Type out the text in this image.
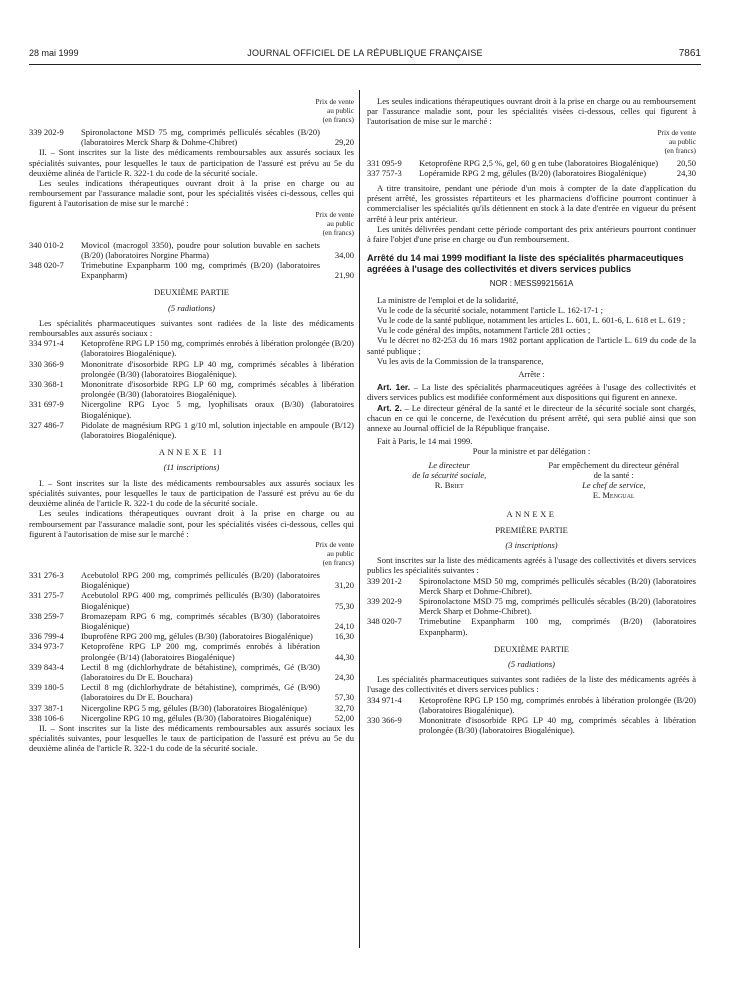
28 mai 1999	JOURNAL OFFICIEL DE LA RÉPUBLIQUE FRANÇAISE	7861
Prix de vente
au public
(en francs)
339 202-9	Spironolactone MSD 75 mg, comprimés pelliculés sécables (B/20) (laboratoires Merck Sharp & Dohme-Chibret)	29,20

II. – Sont inscrites sur la liste des médicaments remboursables aux assurés sociaux les spécialités suivantes, pour lesquelles le taux de participation de l'assuré est prévu au 5e du deuxième alinéa de l'article R. 322-1 du code de la sécurité sociale.

Les seules indications thérapeutiques ouvrant droit à la prise en charge ou au remboursement par l'assurance maladie sont, pour les spécialités visées ci-dessous, celles qui figurent à l'autorisation de mise sur le marché :

Prix de vente
au public
(en francs)
340 010-2	Movicol (macrogol 3350), poudre pour solution buvable en sachets (B/20) (laboratoires Norgine Pharma)	34,00
348 020-7	Trimebutine Expanpharm 100 mg, comprimés (B/20) (laboratoires Expanpharm)	21,90

DEUXIÈME PARTIE

(5 radiations)

Les spécialités pharmaceutiques suivantes sont radiées de la liste des médicaments remboursables aux assurés sociaux :

334 971-4	Ketoprofène RPG LP 150 mg, comprimés enrobés à libération prolongée (B/20) (laboratoires Biogalénique).
330 366-9	Mononitrate d'isosorbide RPG LP 40 mg, comprimés sécables à libération prolongée (B/30) (laboratoires Biogalénique).
330 368-1	Mononitrate d'isosorbide RPG LP 60 mg, comprimés sécables à libération prolongée (B/30) (laboratoires Biogalénique).
331 697-9	Nicergoline RPG Lyoc 5 mg, lyophilisats oraux (B/30) (laboratoires Biogalénique).
327 486-7	Pidolate de magnésium RPG 1 g/10 ml, solution injectable en ampoule (B/12) (laboratoires Biogalénique).

ANNEXE II

(11 inscriptions)

I. – Sont inscrites sur la liste des médicaments remboursables aux assurés sociaux les spécialités suivantes, pour lesquelles le taux de participation de l'assuré est prévu au 6e du deuxième alinéa de l'article R. 322-1 du code de la sécurité sociale.

Les seules indications thérapeutiques ouvrant droit à la prise en charge ou au remboursement par l'assurance maladie sont, pour les spécialités visées ci-dessous, celles qui figurent à l'autorisation de mise sur le marché :

Prix de vente
au public
(en francs)
331 276-3	Acebutolol RPG 200 mg, comprimés pelliculés (B/20) (laboratoires Biogalénique)	31,20
331 275-7	Acebutolol RPG 400 mg, comprimés pelliculés (B/30) (laboratoires Biogalénique)	75,30
338 259-7	Bromazepam RPG 6 mg, comprimés sécables (B/30) (laboratoires Biogalénique)	24,10
336 799-4	Ibuprofène RPG 200 mg, gélules (B/30) (laboratoires Biogalénique)	16,30
334 973-7	Ketoprofène RPG LP 200 mg, comprimés enrobés à libération prolongée (B/14) (laboratoires Biogalénique)	44,30
339 843-4	Lectil 8 mg (dichlorhydrate de bétahistine), comprimés, Gé (B/30) (laboratoires du Dr E. Bouchara)	24,30
339 180-5	Lectil 8 mg (dichlorhydrate de bétahistine), comprimés, Gé (B/90) (laboratoires du Dr E. Bouchara)	57,30
337 387-1	Nicergoline RPG 5 mg, gélules (B/30) (laboratoires Biogalénique)	32,70
338 106-6	Nicergoline RPG 10 mg, gélules (B/30) (laboratoires Biogalénique)	52,00

II. – Sont inscrites sur la liste des médicaments remboursables aux assurés sociaux les spécialités suivantes, pour lesquelles le taux de participation de l'assuré est prévu au 5e du deuxième alinéa de l'article R. 322-1 du code de la sécurité sociale.

Les seules indications thérapeutiques ouvrant droit à la prise en charge ou au remboursement par l'assurance maladie sont, pour les spécialités visées ci-dessous, celles qui figurent à l'autorisation de mise sur le marché :

Prix de vente
au public
(en francs)
331 095-9	Ketoprofène RPG 2,5 %, gel, 60 g en tube (laboratoires Biogalénique)	20,50
337 757-3	Lopéramide RPG 2 mg, gélules (B/20) (laboratoires Biogalénique)	24,30

A titre transitoire, pendant une période d'un mois à compter de la date d'application du présent arrêté, les grossistes répartiteurs et les pharmaciens d'officine pourront continuer à commercialiser les spécialités qu'ils détiennent en stock à la date d'entrée en vigueur du présent arrêté à leur prix antérieur.

Les unités délivrées pendant cette période comportant des prix antérieurs pourront continuer à faire l'objet d'une prise en charge ou d'un remboursement.

Arrêté du 14 mai 1999 modifiant la liste des spécialités pharmaceutiques agréées à l'usage des collectivités et divers services publics

NOR : MESS9921561A

La ministre de l'emploi et de la solidarité,

Vu le code de la sécurité sociale, notamment l'article L. 162-17-1 ;

Vu le code de la santé publique, notamment les articles L. 601, L. 601-6, L. 618 et L. 619 ;

Vu le code général des impôts, notamment l'article 281 octies ;

Vu le décret no 82-253 du 16 mars 1982 portant application de l'article L. 619 du code de la santé publique ;

Vu les avis de la Commission de la transparence,

Arrête :

Art. 1er. – La liste des spécialités pharmaceutiques agréées à l'usage des collectivités et divers services publics est modifiée conformément aux dispositions qui figurent en annexe.

Art. 2. – Le directeur général de la santé et le directeur de la sécurité sociale sont chargés, chacun en ce qui le concerne, de l'exécution du présent arrêté, qui sera publié ainsi que son annexe au Journal officiel de la République française.

Fait à Paris, le 14 mai 1999.

Pour la ministre et par délégation :

Le directeur
de la sécurité sociale,
R. Briet
Par empêchement du directeur général
de la santé :
Le chef de service,
E. Mengual

ANNEXE

PREMIÈRE PARTIE

(3 inscriptions)

Sont inscrites sur la liste des médicaments agréés à l'usage des collectivités et divers services publics les spécialités suivantes :

339 201-2	Spironolactone MSD 50 mg, comprimés pelliculés sécables (B/20) (laboratoires Merck Sharp et Dohme-Chibret).
339 202-9	Spironolactone MSD 75 mg, comprimés pelliculés sécables (B/20) (laboratoires Merck Sharp et Dohme-Chibret).
348 020-7	Trimebutine Expanpharm 100 mg, comprimés (B/20) (laboratoires Expanpharm).

DEUXIÈME PARTIE

(5 radiations)

Les spécialités pharmaceutiques suivantes sont radiées de la liste des médicaments agréés à l'usage des collectivités et divers services publics :

334 971-4	Ketoprofène RPG LP 150 mg, comprimés enrobés à libération prolongée (B/20) (laboratoires Biogalénique).
330 366-9	Mononitrate d'isosorbide RPG LP 40 mg, comprimés sécables à libération prolongée (B/30) (laboratoires Biogalénique).
